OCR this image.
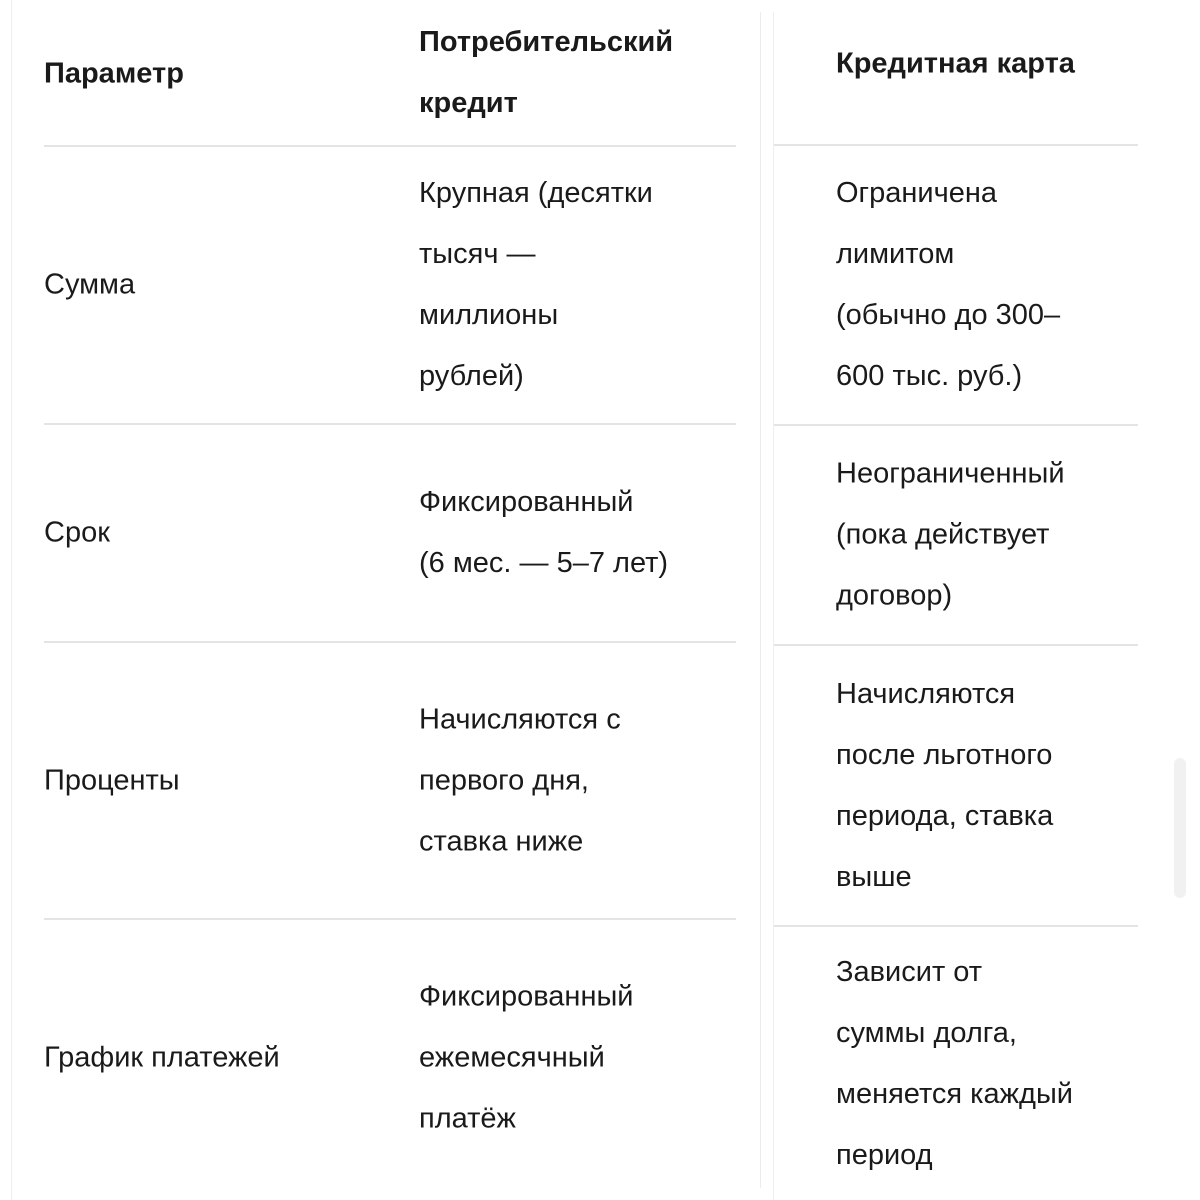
Параметр
Потребительский
кредит
Сумма
Крупная (десятки
тысяч —
миллионы
рублей)
Срок
Фиксированный
(6 мес. — 5–7 лет)
Проценты
Начисляются с
первого дня,
ставка ниже
График платежей
Фиксированный
ежемесячный
платёж
Кредитная карта
Ограничена
лимитом
(обычно до 300–
600 тыс. руб.)
Неограниченный
(пока действует
договор)
Начисляются
после льготного
периода, ставка
выше
Зависит от
суммы долга,
меняется каждый
период
